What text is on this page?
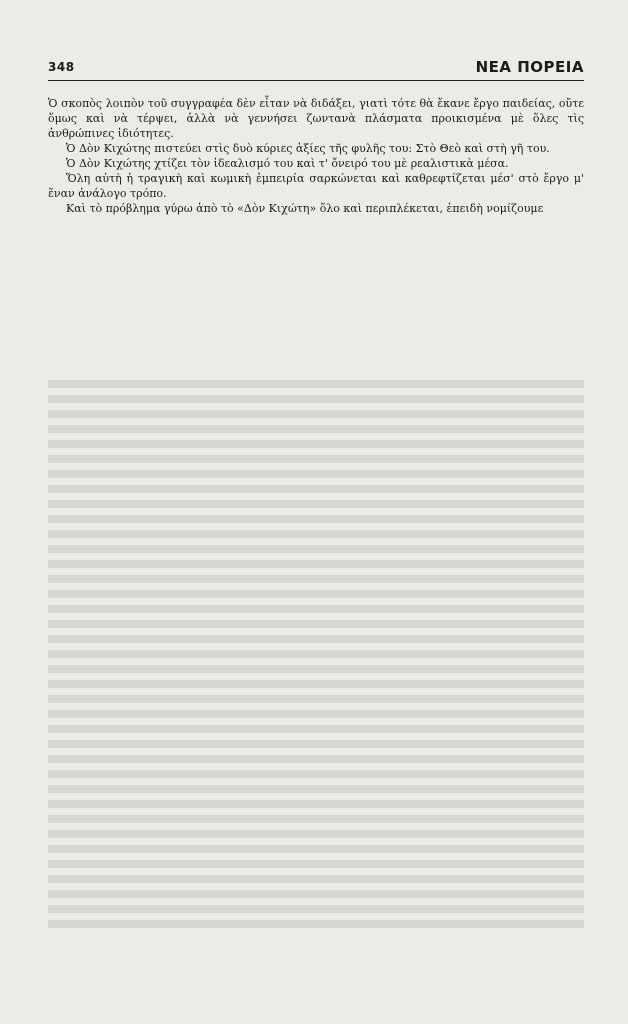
348	ΝΕΑ ΠΟΡΕΙΑ

Ὁ σκοπὸς λοιπὸν τοῦ συγγραφέα δὲν εἶταν νὰ διδάξει, γιατὶ τότε θὰ ἔκανε ἔργο παιδείας, οὔτε ὅμως καὶ νὰ τέρψει, ἀλλὰ νὰ γεννήσει ζωντανὰ πλάσματα προικισμένα μὲ ὅλες τὶς ἀνθρώπινες ἰδιότητες.

Ὁ Δὸν Κιχώτης πιστεύει στὶς δυὸ κύριες ἀξίες τῆς φυλῆς του: Στὸ Θεὸ καὶ στὴ γῆ του.

Ὁ Δὸν Κιχώτης χτίζει τὸν ἰδεαλισμό του καὶ τ' ὄνειρό του μὲ ρεαλιστικὰ μέσα.

Ὅλη αὐτὴ ἡ τραγικὴ καὶ κωμικὴ ἐμπειρία σαρκώνεται καὶ καθρεφτίζεται μέσ' στὸ ἔργο μ' ἕναν ἀνάλογο τρόπο.

Καὶ τὸ πρόβλημα γύρω ἀπὸ τὸ «Δὸν Κιχώτη» ὅλο καὶ περιπλέκεται, ἐπειδὴ νομίζουμε
